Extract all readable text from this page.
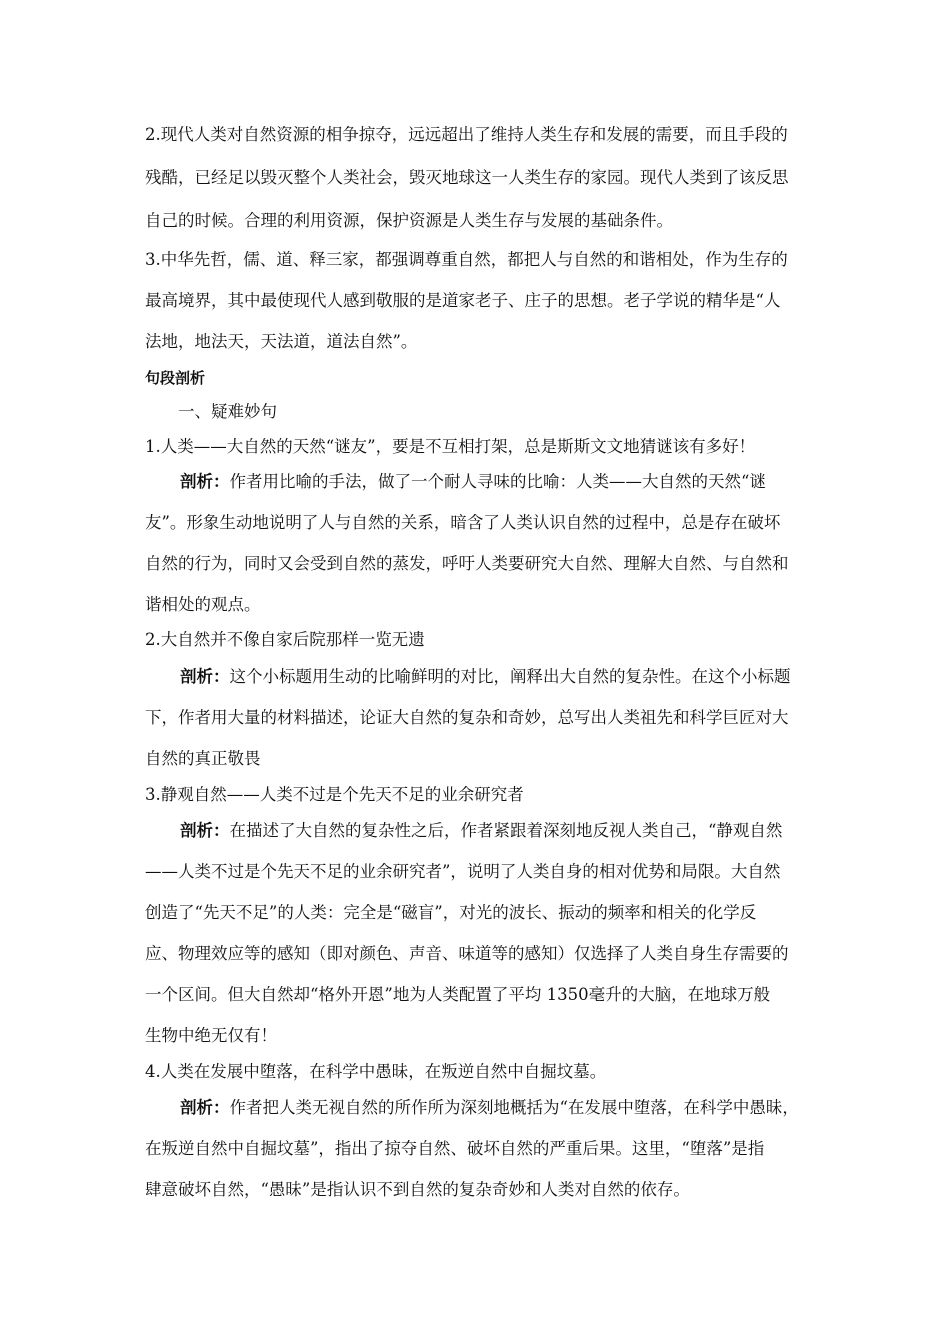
2.现代人类对自然资源的相争掠夺，远远超出了维持人类生存和发展的需要，而且手段的

残酷，已经足以毁灭整个人类社会，毁灭地球这一人类生存的家园。现代人类到了该反思

自己的时候。合理的利用资源，保护资源是人类生存与发展的基础条件。

3.中华先哲，儒、道、释三家，都强调尊重自然，都把人与自然的和谐相处，作为生存的

最高境界，其中最使现代人感到敬服的是道家老子、庄子的思想。老子学说的精华是“人

法地，地法天，天法道，道法自然”。

句段剖析

一、疑难妙句

1.人类——大自然的天然“谜友”，要是不互相打架，总是斯斯文文地猜谜该有多好！

剖析：作者用比喻的手法，做了一个耐人寻味的比喻：人类——大自然的天然“谜

友”。形象生动地说明了人与自然的关系，暗含了人类认识自然的过程中，总是存在破坏

自然的行为，同时又会受到自然的蒸发，呼吁人类要研究大自然、理解大自然、与自然和

谐相处的观点。

2.大自然并不像自家后院那样一览无遗

剖析：这个小标题用生动的比喻鲜明的对比，阐释出大自然的复杂性。在这个小标题

下，作者用大量的材料描述，论证大自然的复杂和奇妙，总写出人类祖先和科学巨匠对大

自然的真正敬畏

3.静观自然——人类不过是个先天不足的业余研究者

剖析：在描述了大自然的复杂性之后，作者紧跟着深刻地反视人类自己，“静观自然

——人类不过是个先天不足的业余研究者”，说明了人类自身的相对优势和局限。大自然

创造了“先天不足”的人类：完全是“磁盲”，对光的波长、振动的频率和相关的化学反

应、物理效应等的感知（即对颜色、声音、味道等的感知）仅选择了人类自身生存需要的

一个区间。但大自然却“格外开恩”地为人类配置了平均 1350毫升的大脑，在地球万般

生物中绝无仅有！

4.人类在发展中堕落，在科学中愚昧，在叛逆自然中自掘坟墓。

剖析：作者把人类无视自然的所作所为深刻地概括为“在发展中堕落，在科学中愚昧，

在叛逆自然中自掘坟墓”，指出了掠夺自然、破坏自然的严重后果。这里，“堕落”是指

肆意破坏自然，“愚昧”是指认识不到自然的复杂奇妙和人类对自然的依存。
